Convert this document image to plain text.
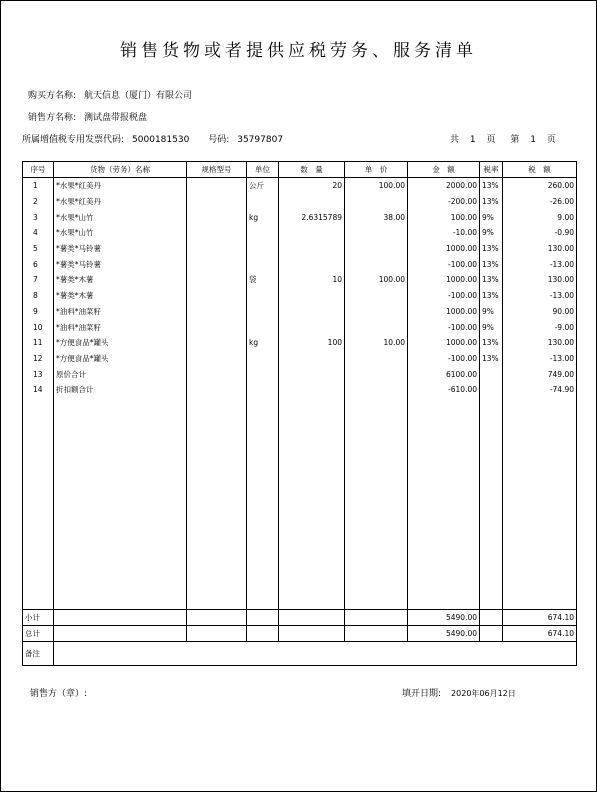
销售货物或者提供应税劳务、服务清单
购买方名称: 航天信息（厦门）有限公司
销售方名称: 测试盘带报税盘
所属增值税专用发票代码: 5000181530 号码: 35797807	共 1 页 第 1 页
序号	货物（劳务）名称	规格型号	单位	数　量	单　价	金　额	税率	税　额
1	*水果*红美丹		公斤	20	100.00	2000.00	13%	260.00
2	*水果*红美丹					-200.00	13%	-26.00
3	*水果*山竹		kg	2.6315789	38.00	100.00	9%	9.00
4	*水果*山竹					-10.00	9%	-0.90
5	*薯类*马铃薯					1000.00	13%	130.00
6	*薯类*马铃薯					-100.00	13%	-13.00
7	*薯类*木薯		袋	10	100.00	1000.00	13%	130.00
8	*薯类*木薯					-100.00	13%	-13.00
9	*油料*油菜籽					1000.00	9%	90.00
10	*油料*油菜籽					-100.00	9%	-9.00
11	*方便食品*罐头		kg	100	10.00	1000.00	13%	130.00
12	*方便食品*罐头					-100.00	13%	-13.00
13	原价合计					6100.00		749.00
14	折扣额合计					-610.00		-74.90

小计						5490.00		674.10
总计						5490.00		674.10
备注								
销售方（章）:	填开日期: 2020年06月12日
